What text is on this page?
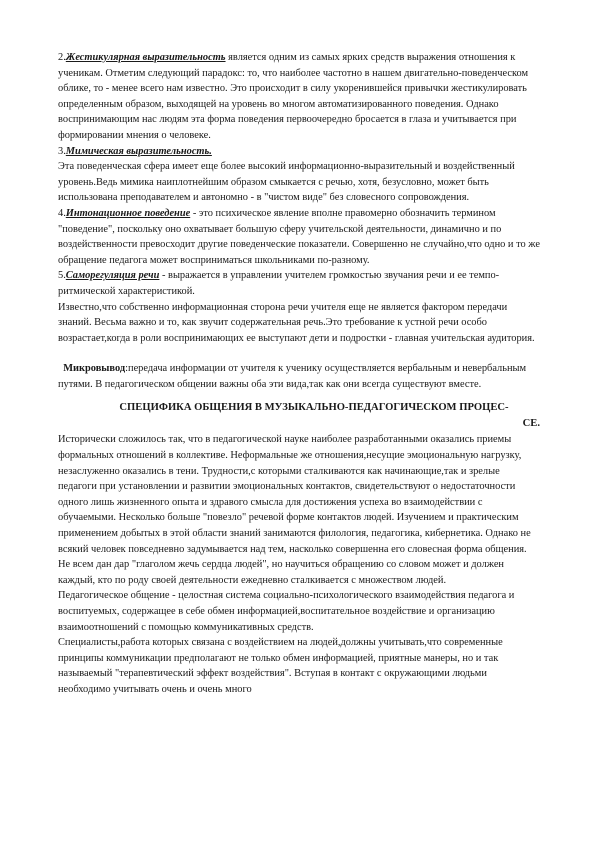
2.Жестикулярная выразительность является одним из самых ярких средств выражения отношения к ученикам. Отметим следующий парадокс: то, что наиболее частотно в нашем двигательно-поведенческом облике, то - менее всего нам известно. Это происходит в силу укоренившейся привычки жестикулировать определенным образом, выходящей на уровень во многом автоматизированного поведения. Однако воспринимающим нас людям эта форма поведения первоочередно бросается в глаза и учитывается при формировании мнения о человеке.

3.Мимическая выразительность.

Эта поведенческая сфера имеет еще более высокий информационно-выразительный и воздейственный уровень.Ведь мимика наиплотнейшим образом смыкается с речью, хотя, безусловно, может быть использована преподавателем и автономно - в "чистом виде" без словесного сопровождения.

4.Интонационное поведение - это психическое явление вполне правомерно обозначить термином "поведение", поскольку оно охватывает большую сферу учительской деятельности, динамично и по воздейственности превосходит другие поведенческие показатели. Совершенно не случайно,что одно и то же обращение педагога может восприниматься школьниками по-разному.

5.Саморегуляция речи - выражается в управлении учителем громкостью звучания речи и ее темпо-ритмической характеристикой.

Известно,что собственно информационная сторона речи учителя еще не является фактором передачи знаний. Весьма важно и то, как звучит содержательная речь.Это требование к устной речи особо возрастает,когда в роли воспринимающих ее выступают дети и подростки - главная учительская аудитория.

Микровывод:передача информации от учителя к ученику осуществляется вербальным и невербальным путями. В педагогическом общении важны оба эти вида,так как они всегда существуют вместе.

СПЕЦИФИКА ОБЩЕНИЯ В МУЗЫКАЛЬНО-ПЕДАГОГИЧЕСКОМ ПРОЦЕС-
СЕ.

Исторически сложилось так, что в педагогической науке наиболее разработанными оказались приемы формальных отношений в коллективе. Неформальные же отношения,несущие эмоциональную нагрузку, незаслуженно оказались в тени. Трудности,с которыми сталкиваются как начинающие,так и зрелые педагоги при установлении и развитии эмоциональных контактов, свидетельствуют о недостаточности одного лишь жизненного опыта и здравого смысла для достижения успеха во взаимодействии с обучаемыми. Несколько больше "повезло" речевой форме контактов людей. Изучением и практическим применением добытых в этой области знаний занимаются филология, педагогика, кибернетика. Однако не всякий человек повседневно задумывается над тем, насколько совершенна его словесная форма общения. Не всем дан дар "глаголом жечь сердца людей", но научиться обращению со словом может и должен каждый, кто по роду своей деятельности ежедневно сталкивается с множеством людей.

Педагогическое общение - целостная система социально-психологического взаимодействия педагога и воспитуемых, содержащее в себе обмен информацией,воспитательное воздействие и организацию взаимоотношений с помощью коммуникативных средств.

Специалисты,работа которых связана с воздействием на людей,должны учитывать,что современные принципы коммуникации предполагают не только обмен информацией, приятные манеры, но и так называемый "терапевтический эффект воздействия". Вступая в контакт с окружающими людьми необходимо учитывать очень и очень много
